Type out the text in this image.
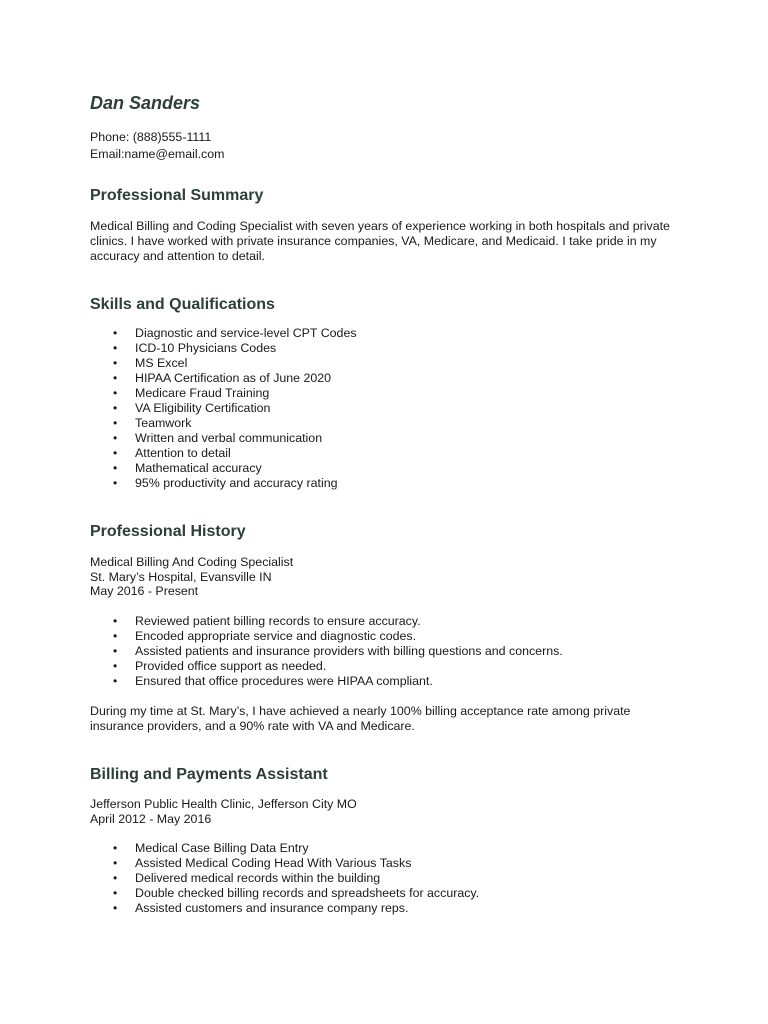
Dan Sanders
Phone: (888)555-1111
Email:name@email.com
Professional Summary

Medical Billing and Coding Specialist with seven years of experience working in both hospitals and private clinics. I have worked with private insurance companies, VA, Medicare, and Medicaid. I take pride in my accuracy and attention to detail.

Skills and Qualifications
• Diagnostic and service-level CPT Codes
• ICD-10 Physicians Codes
• MS Excel
• HIPAA Certification as of June 2020
• Medicare Fraud Training
• VA Eligibility Certification
• Teamwork
• Written and verbal communication
• Attention to detail
• Mathematical accuracy
• 95% productivity and accuracy rating
Professional History
Medical Billing And Coding Specialist
St. Mary’s Hospital, Evansville IN
May 2016 - Present
• Reviewed patient billing records to ensure accuracy.
• Encoded appropriate service and diagnostic codes.
• Assisted patients and insurance providers with billing questions and concerns.
• Provided office support as needed.
• Ensured that office procedures were HIPAA compliant.

During my time at St. Mary’s, I have achieved a nearly 100% billing acceptance rate among private insurance providers, and a 90% rate with VA and Medicare.

Billing and Payments Assistant
Jefferson Public Health Clinic, Jefferson City MO
April 2012 - May 2016
• Medical Case Billing Data Entry
• Assisted Medical Coding Head With Various Tasks
• Delivered medical records within the building
• Double checked billing records and spreadsheets for accuracy.
• Assisted customers and insurance company reps.
